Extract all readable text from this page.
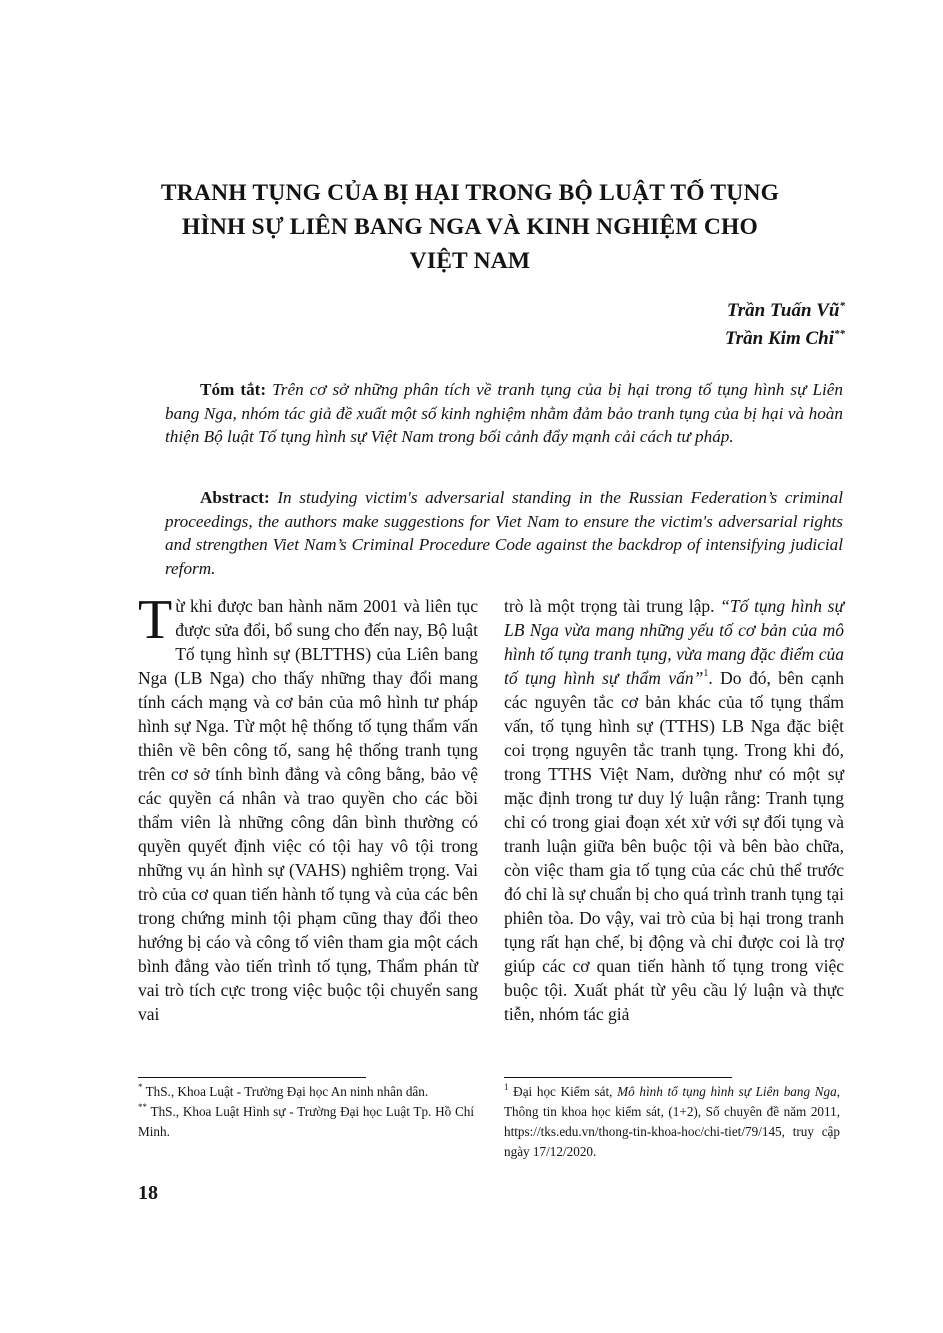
TRANH TỤNG CỦA BỊ HẠI TRONG BỘ LUẬT TỐ TỤNG
HÌNH SỰ LIÊN BANG NGA VÀ KINH NGHIỆM CHO
VIỆT NAM
Trần Tuấn Vũ*
Trần Kim Chi**
Tóm tắt: Trên cơ sở những phân tích về tranh tụng của bị hại trong tố tụng hình sự Liên bang Nga, nhóm tác giả đề xuất một số kinh nghiệm nhằm đảm bảo tranh tụng của bị hại và hoàn thiện Bộ luật Tố tụng hình sự Việt Nam trong bối cảnh đẩy mạnh cải cách tư pháp.
Abstract: In studying victim's adversarial standing in the Russian Federation’s criminal proceedings, the authors make suggestions for Viet Nam to ensure the victim's adversarial rights and strengthen Viet Nam’s Criminal Procedure Code against the backdrop of intensifying judicial reform.
Từ khi được ban hành năm 2001 và liên tục được sửa đổi, bổ sung cho đến nay, Bộ luật Tố tụng hình sự (BLTTHS) của Liên bang Nga (LB Nga) cho thấy những thay đổi mang tính cách mạng và cơ bản của mô hình tư pháp hình sự Nga. Từ một hệ thống tố tụng thẩm vấn thiên về bên công tố, sang hệ thống tranh tụng trên cơ sở tính bình đẳng và công bằng, bảo vệ các quyền cá nhân và trao quyền cho các bồi thẩm viên là những công dân bình thường có quyền quyết định việc có tội hay vô tội trong những vụ án hình sự (VAHS) nghiêm trọng. Vai trò của cơ quan tiến hành tố tụng và của các bên trong chứng minh tội phạm cũng thay đổi theo hướng bị cáo và công tố viên tham gia một cách bình đẳng vào tiến trình tố tụng, Thẩm phán từ vai trò tích cực trong việc buộc tội chuyển sang vai
trò là một trọng tài trung lập. “Tố tụng hình sự LB Nga vừa mang những yếu tố cơ bản của mô hình tố tụng tranh tụng, vừa mang đặc điểm của tố tụng hình sự thẩm vấn”$^1$. Do đó, bên cạnh các nguyên tắc cơ bản khác của tố tụng thẩm vấn, tố tụng hình sự (TTHS) LB Nga đặc biệt coi trọng nguyên tắc tranh tụng. Trong khi đó, trong TTHS Việt Nam, dường như có một sự mặc định trong tư duy lý luận rằng: Tranh tụng chỉ có trong giai đoạn xét xử với sự đối tụng và tranh luận giữa bên buộc tội và bên bào chữa, còn việc tham gia tố tụng của các chủ thể trước đó chỉ là sự chuẩn bị cho quá trình tranh tụng tại phiên tòa. Do vậy, vai trò của bị hại trong tranh tụng rất hạn chế, bị động và chỉ được coi là trợ giúp các cơ quan tiến hành tố tụng trong việc buộc tội. Xuất phát từ yêu cầu lý luận và thực tiễn, nhóm tác giả
* ThS., Khoa Luật - Trường Đại học An ninh nhân dân.
** ThS., Khoa Luật Hình sự - Trường Đại học Luật Tp. Hồ Chí Minh.
$^1$ Đại học Kiểm sát, Mô hình tố tụng hình sự Liên bang Nga, Thông tin khoa học kiểm sát, (1+2), Số chuyên đề năm 2011, https://tks.edu.vn/thong-tin-khoa-hoc/chi-tiet/79/145, truy cập ngày 17/12/2020.
18
